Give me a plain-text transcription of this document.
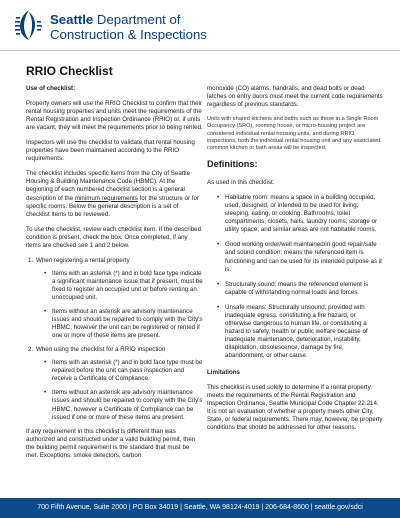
Seattle Department of
Construction & Inspections
RRIO Checklist
Use of checklist:

Property owners will use the RRIO Checklist to confirm that their rental housing properties and units meet the requirements of the Rental Registration and Inspection Ordinance (RRIO) or, if units are vacant, they will meet the requirements prior to being rented.

Inspectors will use the checklist to validate that rental housing properties have been maintained according to the RRIO requirements.

The checklist includes specific items from the City of Seattle Housing & Building Maintenance Code (HBMC). At the beginning of each numbered checklist section is a general description of the minimum requirements for the structure or for specific rooms. Below the general description is a set of checklist items to be reviewed.

To use the checklist, review each checklist item. If the described condition is present, check the box. Once completed, if any items are checked see 1 and 2 below.

1. When registering a rental property
• Items with an asterisk (*) and in bold face type indicate a significant maintenance issue that if present, must be fixed to register an occupied unit or before renting an unoccupied unit.
• Items without an asterisk are advisory maintenance issues and should be repaired to comply with the City's HBMC, however the unit can be registered or rented if one or more of these items are present.
2. When using the checklist for a RRIO inspection
• Items with an asterisk (*) and in bold face type must be repaired before the unit can pass inspection and receive a Certificate of Compliance.
• Items without an asterisk are advisory maintenance issues and should be repaired to comply with the City's HBMC, however a Certificate of Compliance can be issued if one or more of these items are present.

If any requirement in this checklist is different than was authorized and constructed under a valid building permit, then the building permit requirement is the standard that must be met. Exceptions: smoke detectors, carbon

monoxide (CO) alarms, handrails, and dead bolts or dead latches on entry doors must meet the current code requirements regardless of previous standards.

Units with shared kitchens and baths such as those in a Single Room Occupancy (SRO), rooming house, or micro-housing project are considered individual rental housing units, and during RRIO inspections, both the individual rental housing unit and any associated common kitchen or bath areas will be inspected.

Definitions:

As used in this checklist:

• Habitable room: means a space in a building occupied, used, designed, or intended to be used for living, sleeping, eating, or cooking. Bathrooms, toilet compartments, closets, halls, laundry rooms, storage or utility space, and similar areas are not habitable rooms.
• Good working order/well maintained/in good repair/safe and sound condition: means the referenced item is functioning and can be used for its intended purpose as it is.
• Structurally sound: means the referenced element is capable of withstanding normal loads and forces.
• Unsafe means: Structurally unsound, provided with inadequate egress, constituting a fire hazard, or otherwise dangerous to human life, or constituting a hazard to safety, health or public welfare because of inadequate maintenance, deterioration, instability, dilapidation, obsolescence, damage by fire, abandonment, or other cause.
Limitations

This checklist is used solely to determine if a rental property meets the requirements of the Rental Registration and Inspection Ordinance, Seattle Municipal Code Chapter 22.214. It is not an evaluation of whether a property meets other City, State, or federal requirements. There may, however, be property conditions that should be addressed for other reasons.

700 Fifth Avenue, Suite 2000 | PO Box 34019 | Seattle, WA 98124-4019 | 206-684-8600 | seattle.gov/sdci
